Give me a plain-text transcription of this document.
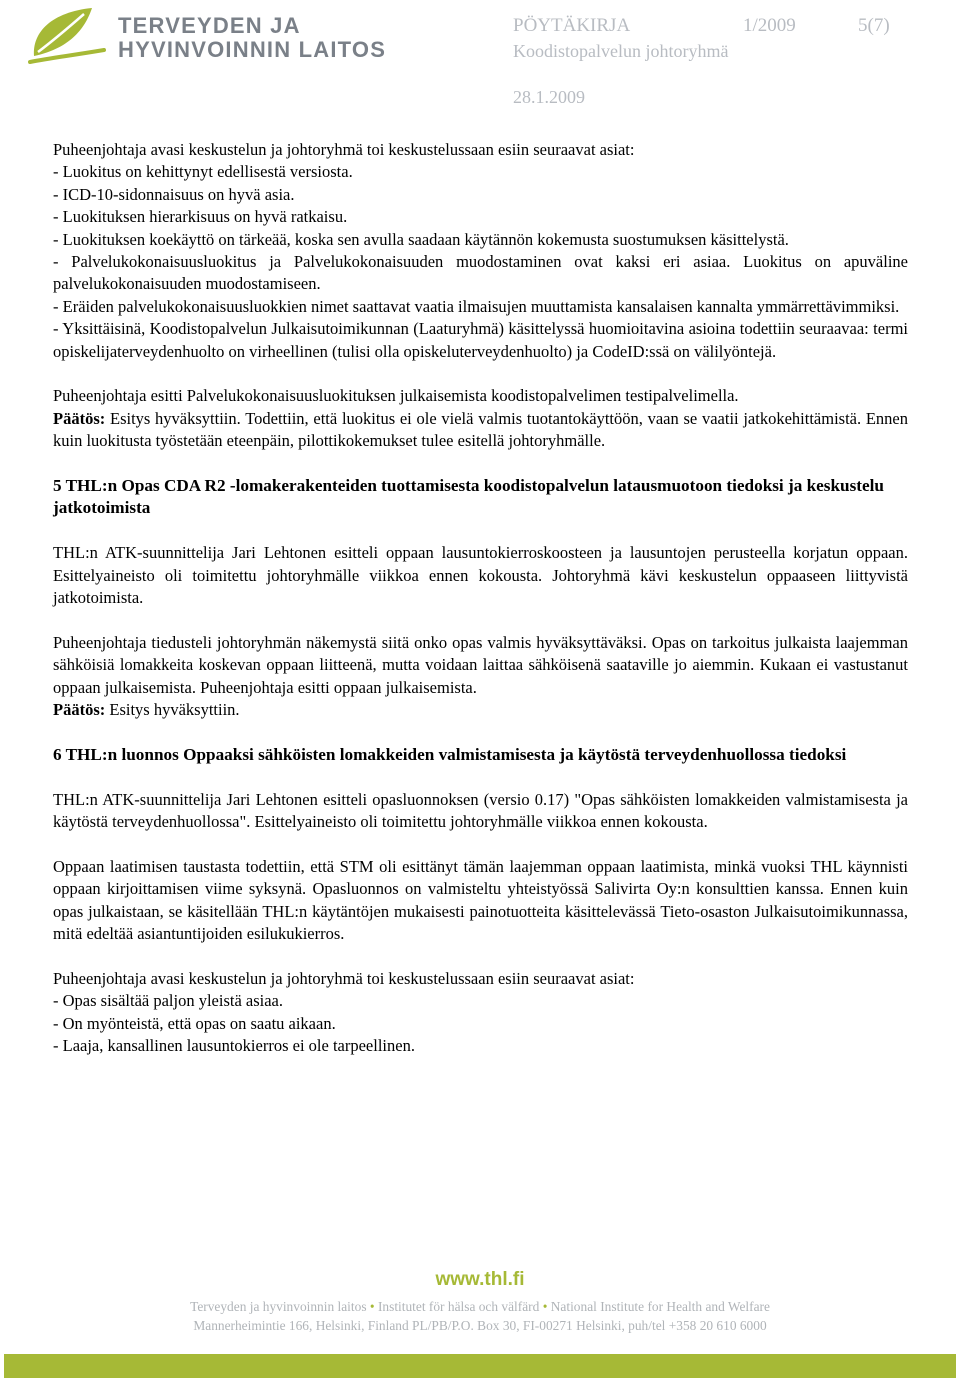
TERVEYDEN JA
HYVINVOINNIN LAITOS
PÖYTÄKIRJA	1/2009	5(7)
Koodistopalvelun johtoryhmä
28.1.2009

Puheenjohtaja avasi keskustelun ja johtoryhmä toi keskustelussaan esiin seuraavat asiat:

- Luokitus on kehittynyt edellisestä versiosta.

- ICD-10-sidonnaisuus on hyvä asia.

- Luokituksen hierarkisuus on hyvä ratkaisu.

- Luokituksen koekäyttö on tärkeää, koska sen avulla saadaan käytännön kokemusta suostumuksen käsittelystä.

- Palvelukokonaisuusluokitus ja Palvelukokonaisuuden muodostaminen ovat kaksi eri asiaa. Luokitus on apuväline palvelukokonaisuuden muodostamiseen.

- Eräiden palvelukokonaisuusluokkien nimet saattavat vaatia ilmaisujen muuttamista kansalaisen kannalta ymmärrettävimmiksi.

- Yksittäisinä, Koodistopalvelun Julkaisutoimikunnan (Laaturyhmä) käsittelyssä huomioitavina asioina todettiin seuraavaa: termi opiskelijaterveydenhuolto on virheellinen (tulisi olla opiskeluterveydenhuolto) ja CodeID:ssä on välilyöntejä.

Puheenjohtaja esitti Palvelukokonaisuusluokituksen julkaisemista koodistopalvelimen testipalvelimella.

Päätös: Esitys hyväksyttiin. Todettiin, että luokitus ei ole vielä valmis tuotantokäyttöön, vaan se vaatii jatkokehittämistä. Ennen kuin luokitusta työstetään eteenpäin, pilottikokemukset tulee esitellä johtoryhmälle.

5 THL:n Opas CDA R2 -lomakerakenteiden tuottamisesta koodistopalvelun latausmuotoon tiedoksi ja keskustelu jatkotoimista

THL:n ATK-suunnittelija Jari Lehtonen esitteli oppaan lausuntokierroskoosteen ja lausuntojen perusteella korjatun oppaan. Esittelyaineisto oli toimitettu johtoryhmälle viikkoa ennen kokousta. Johtoryhmä kävi keskustelun oppaaseen liittyvistä jatkotoimista.

Puheenjohtaja tiedusteli johtoryhmän näkemystä siitä onko opas valmis hyväksyttäväksi. Opas on tarkoitus julkaista laajemman sähköisiä lomakkeita koskevan oppaan liitteenä, mutta voidaan laittaa sähköisenä saataville jo aiemmin. Kukaan ei vastustanut oppaan julkaisemista. Puheenjohtaja esitti oppaan julkaisemista.

Päätös: Esitys hyväksyttiin.

6 THL:n luonnos Oppaaksi sähköisten lomakkeiden valmistamisesta ja käytöstä terveydenhuollossa tiedoksi

THL:n ATK-suunnittelija Jari Lehtonen esitteli opasluonnoksen (versio 0.17) "Opas sähköisten lomakkeiden valmistamisesta ja käytöstä terveydenhuollossa". Esittelyaineisto oli toimitettu johtoryhmälle viikkoa ennen kokousta.

Oppaan laatimisen taustasta todettiin, että STM oli esittänyt tämän laajemman oppaan laatimista, minkä vuoksi THL käynnisti oppaan kirjoittamisen viime syksynä. Opasluonnos on valmisteltu yhteistyössä Salivirta Oy:n konsulttien kanssa. Ennen kuin opas julkaistaan, se käsitellään THL:n käytäntöjen mukaisesti painotuotteita käsittelevässä Tieto-osaston Julkaisutoimikunnassa, mitä edeltää asiantuntijoiden esilukukierros.

Puheenjohtaja avasi keskustelun ja johtoryhmä toi keskustelussaan esiin seuraavat asiat:

- Opas sisältää paljon yleistä asiaa.

- On myönteistä, että opas on saatu aikaan.

- Laaja, kansallinen lausuntokierros ei ole tarpeellinen.

www.thl.fi
Terveyden ja hyvinvoinnin laitos • Institutet för hälsa och välfärd • National Institute for Health and Welfare
Mannerheimintie 166, Helsinki, Finland PL/PB/P.O. Box 30, FI-00271 Helsinki, puh/tel +358 20 610 6000
